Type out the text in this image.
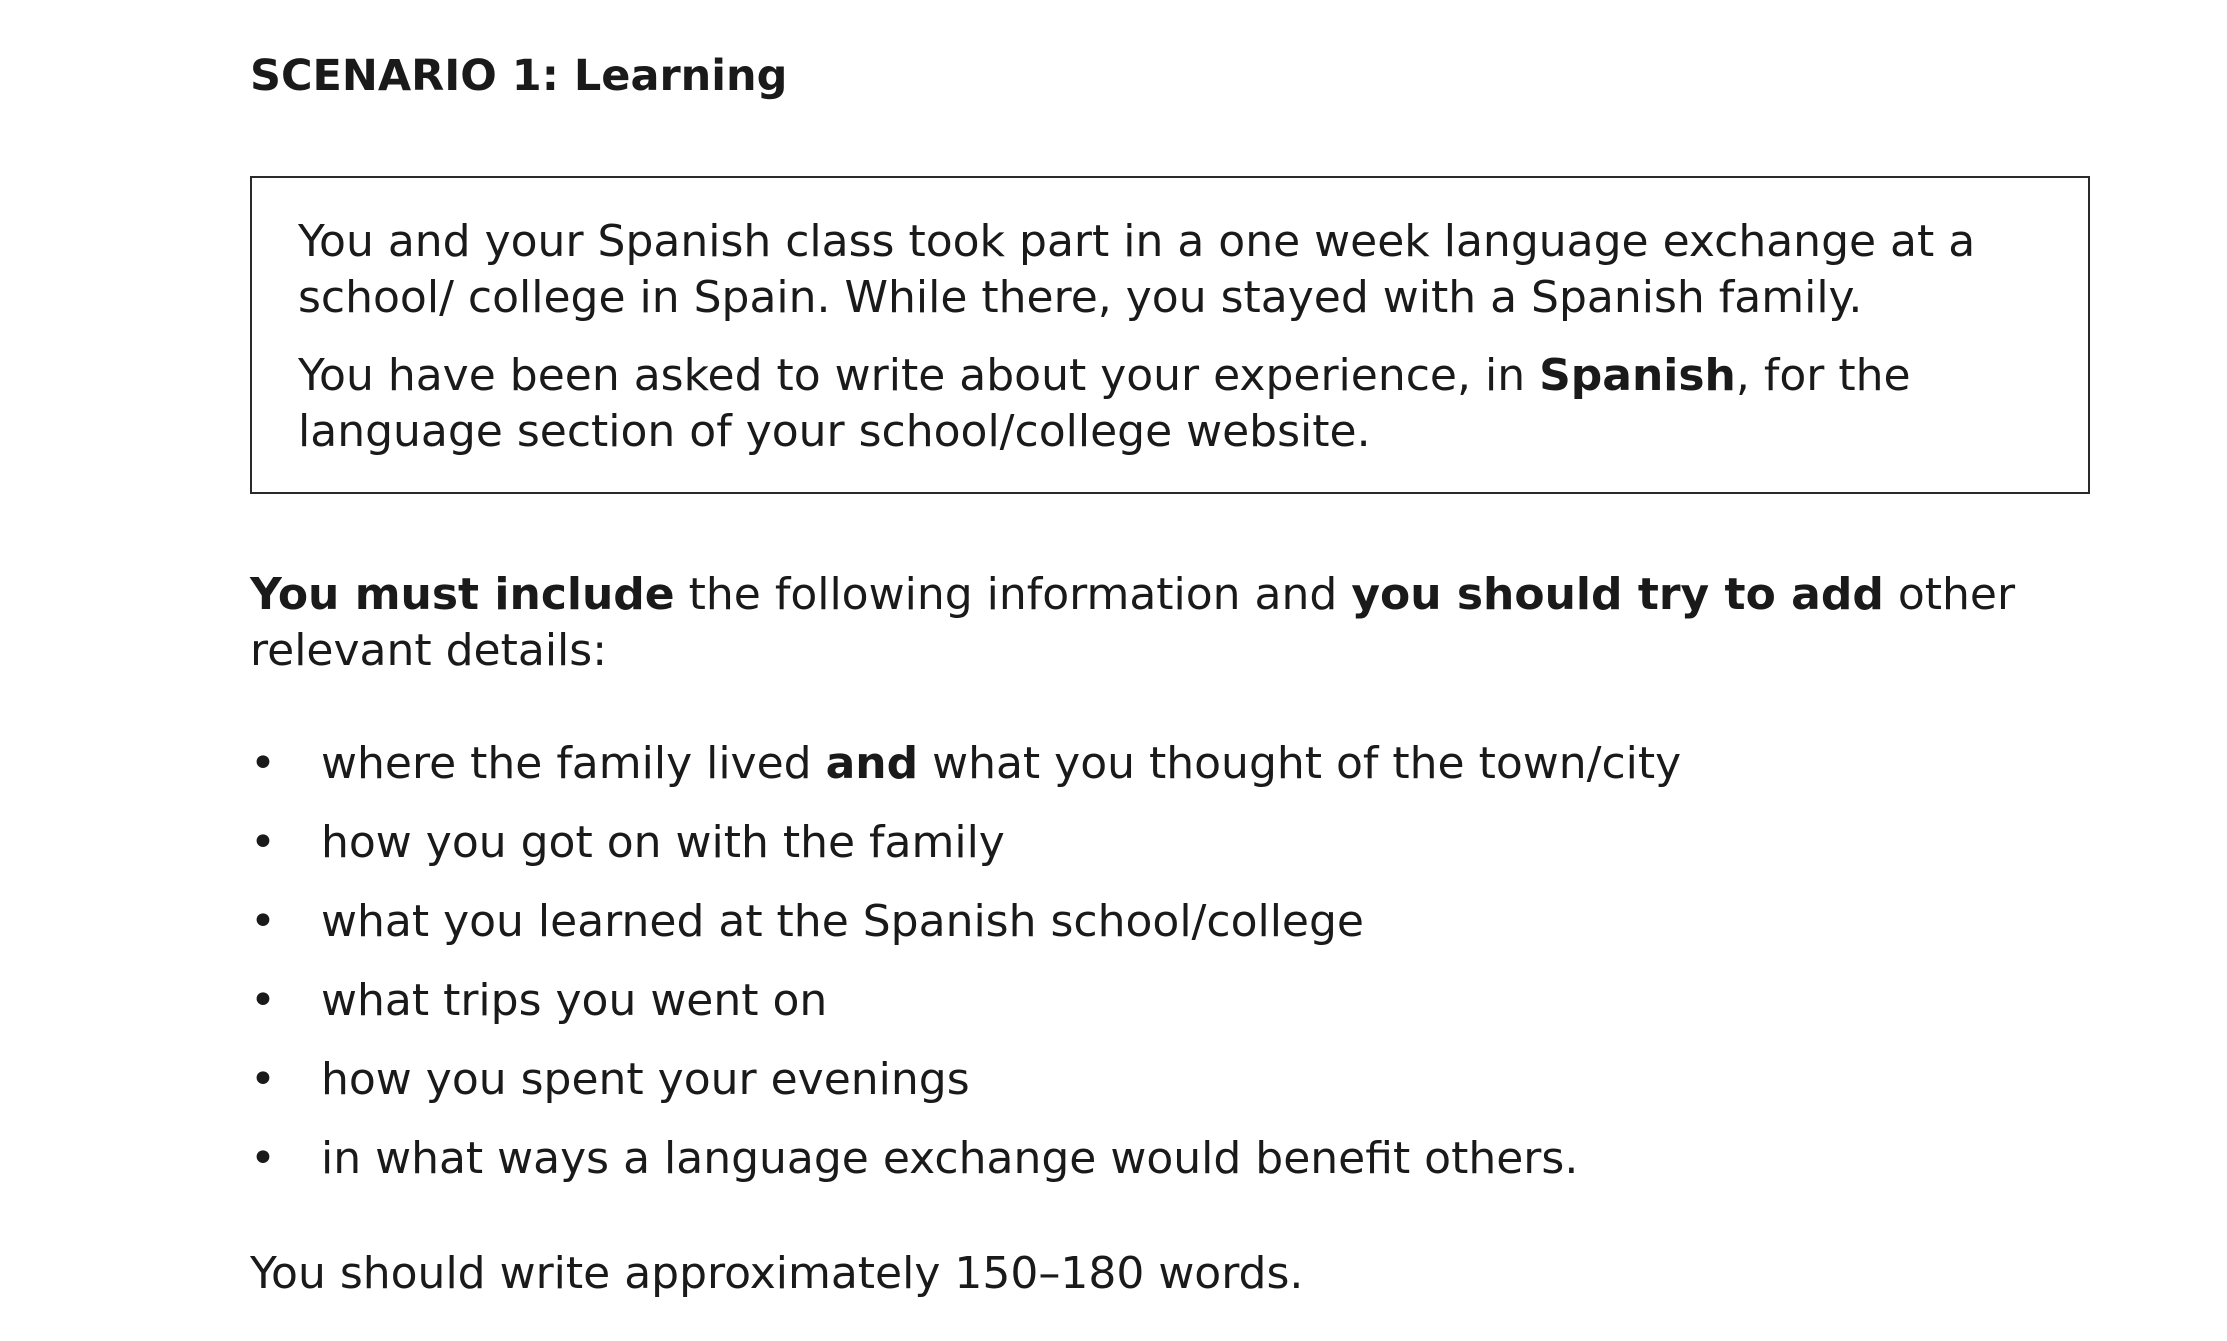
SCENARIO 1: Learning

You and your Spanish class took part in a one week language exchange at a school/ college in Spain. While there, you stayed with a Spanish family.

You have been asked to write about your experience, in Spanish, for the language section of your school/college website.

You must include the following information and you should try to add other relevant details:

• where the family lived and what you thought of the town/city
• how you got on with the family
• what you learned at the Spanish school/college
• what trips you went on
• how you spent your evenings
• in what ways a language exchange would benefit others.

You should write approximately 150–180 words.
